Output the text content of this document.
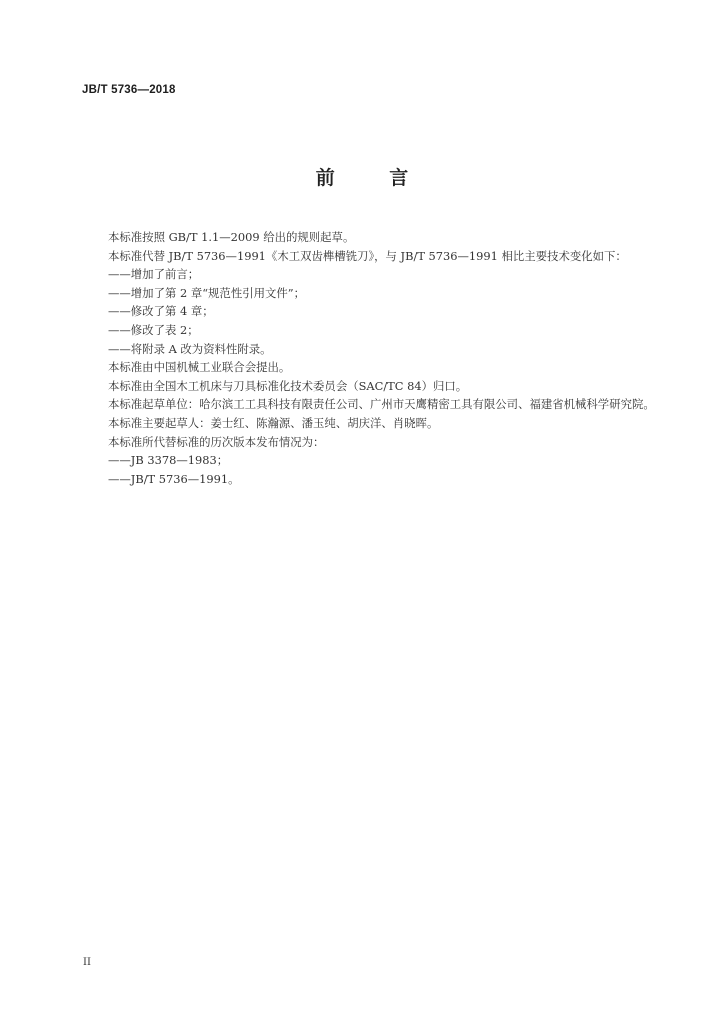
JB/T 5736—2018
前 言

本标准按照 GB/T 1.1—2009 给出的规则起草。

本标准代替 JB/T 5736—1991《木工双齿榫槽铣刀》，与 JB/T 5736—1991 相比主要技术变化如下：

——增加了前言；

——增加了第 2 章“规范性引用文件”；

——修改了第 4 章；

——修改了表 2；

——将附录 A 改为资料性附录。

本标准由中国机械工业联合会提出。

本标准由全国木工机床与刀具标准化技术委员会（SAC/TC 84）归口。

本标准起草单位：哈尔滨工工具科技有限责任公司、广州市天鹰精密工具有限公司、福建省机械科学研究院。

本标准主要起草人：姜士红、陈瀚源、潘玉纯、胡庆洋、肖晓晖。

本标准所代替标准的历次版本发布情况为：

——JB 3378—1983；

——JB/T 5736—1991。

II
